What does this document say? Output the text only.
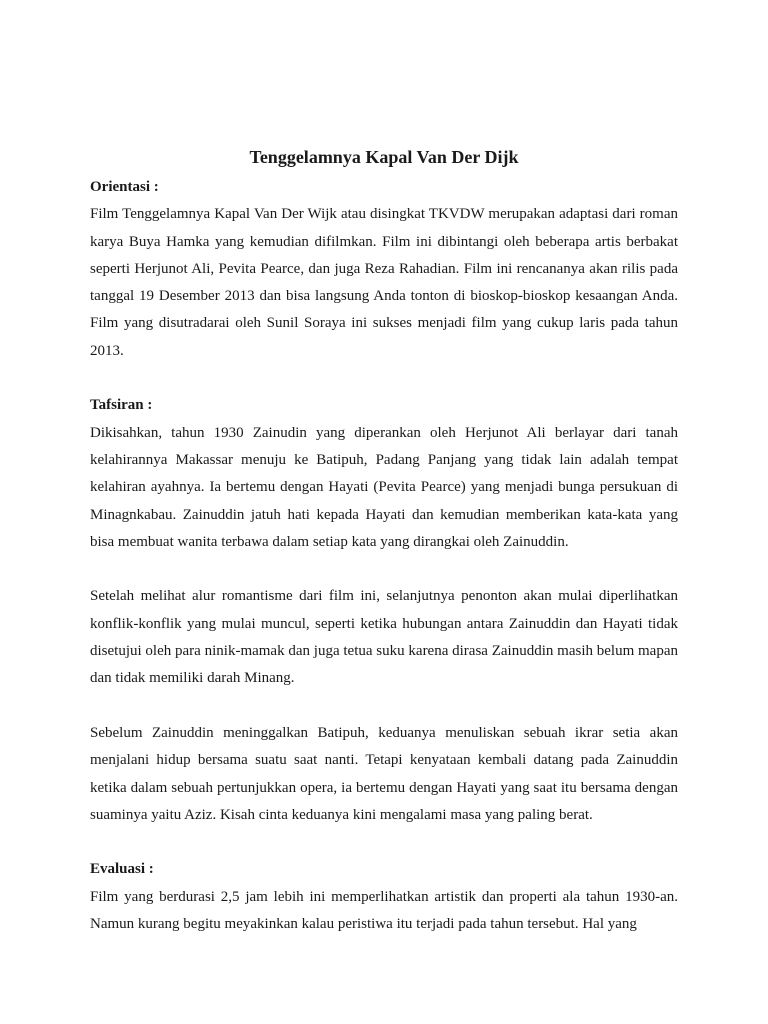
Tenggelamnya Kapal Van Der Dijk

Orientasi :

Film Tenggelamnya Kapal Van Der Wijk atau disingkat TKVDW merupakan adaptasi dari roman karya Buya Hamka yang kemudian difilmkan. Film ini dibintangi oleh beberapa artis berbakat seperti Herjunot Ali, Pevita Pearce, dan juga Reza Rahadian. Film ini rencananya akan rilis pada tanggal 19 Desember 2013 dan bisa langsung Anda tonton di bioskop-bioskop kesaangan Anda. Film yang disutradarai oleh Sunil Soraya ini sukses menjadi film yang cukup laris pada tahun 2013.

Tafsiran :

Dikisahkan, tahun 1930 Zainudin yang diperankan oleh Herjunot Ali berlayar dari tanah kelahirannya Makassar menuju ke Batipuh, Padang Panjang yang tidak lain adalah tempat kelahiran ayahnya. Ia bertemu dengan Hayati (Pevita Pearce) yang menjadi bunga persukuan di Minagnkabau. Zainuddin jatuh hati kepada Hayati dan kemudian memberikan kata-kata yang bisa membuat wanita terbawa dalam setiap kata yang dirangkai oleh Zainuddin.

Setelah melihat alur romantisme dari film ini, selanjutnya penonton akan mulai diperlihatkan konflik-konflik yang mulai muncul, seperti ketika hubungan antara Zainuddin dan Hayati tidak disetujui oleh para ninik-mamak dan juga tetua suku karena dirasa Zainuddin masih belum mapan dan tidak memiliki darah Minang.

Sebelum Zainuddin meninggalkan Batipuh, keduanya menuliskan sebuah ikrar setia akan menjalani hidup bersama suatu saat nanti. Tetapi kenyataan kembali datang pada Zainuddin ketika dalam sebuah pertunjukkan opera, ia bertemu dengan Hayati yang saat itu bersama dengan suaminya yaitu Aziz. Kisah cinta keduanya kini mengalami masa yang paling berat.

Evaluasi :

Film yang berdurasi 2,5 jam lebih ini memperlihatkan artistik dan properti ala tahun 1930-an. Namun kurang begitu meyakinkan kalau peristiwa itu terjadi pada tahun tersebut. Hal yang
